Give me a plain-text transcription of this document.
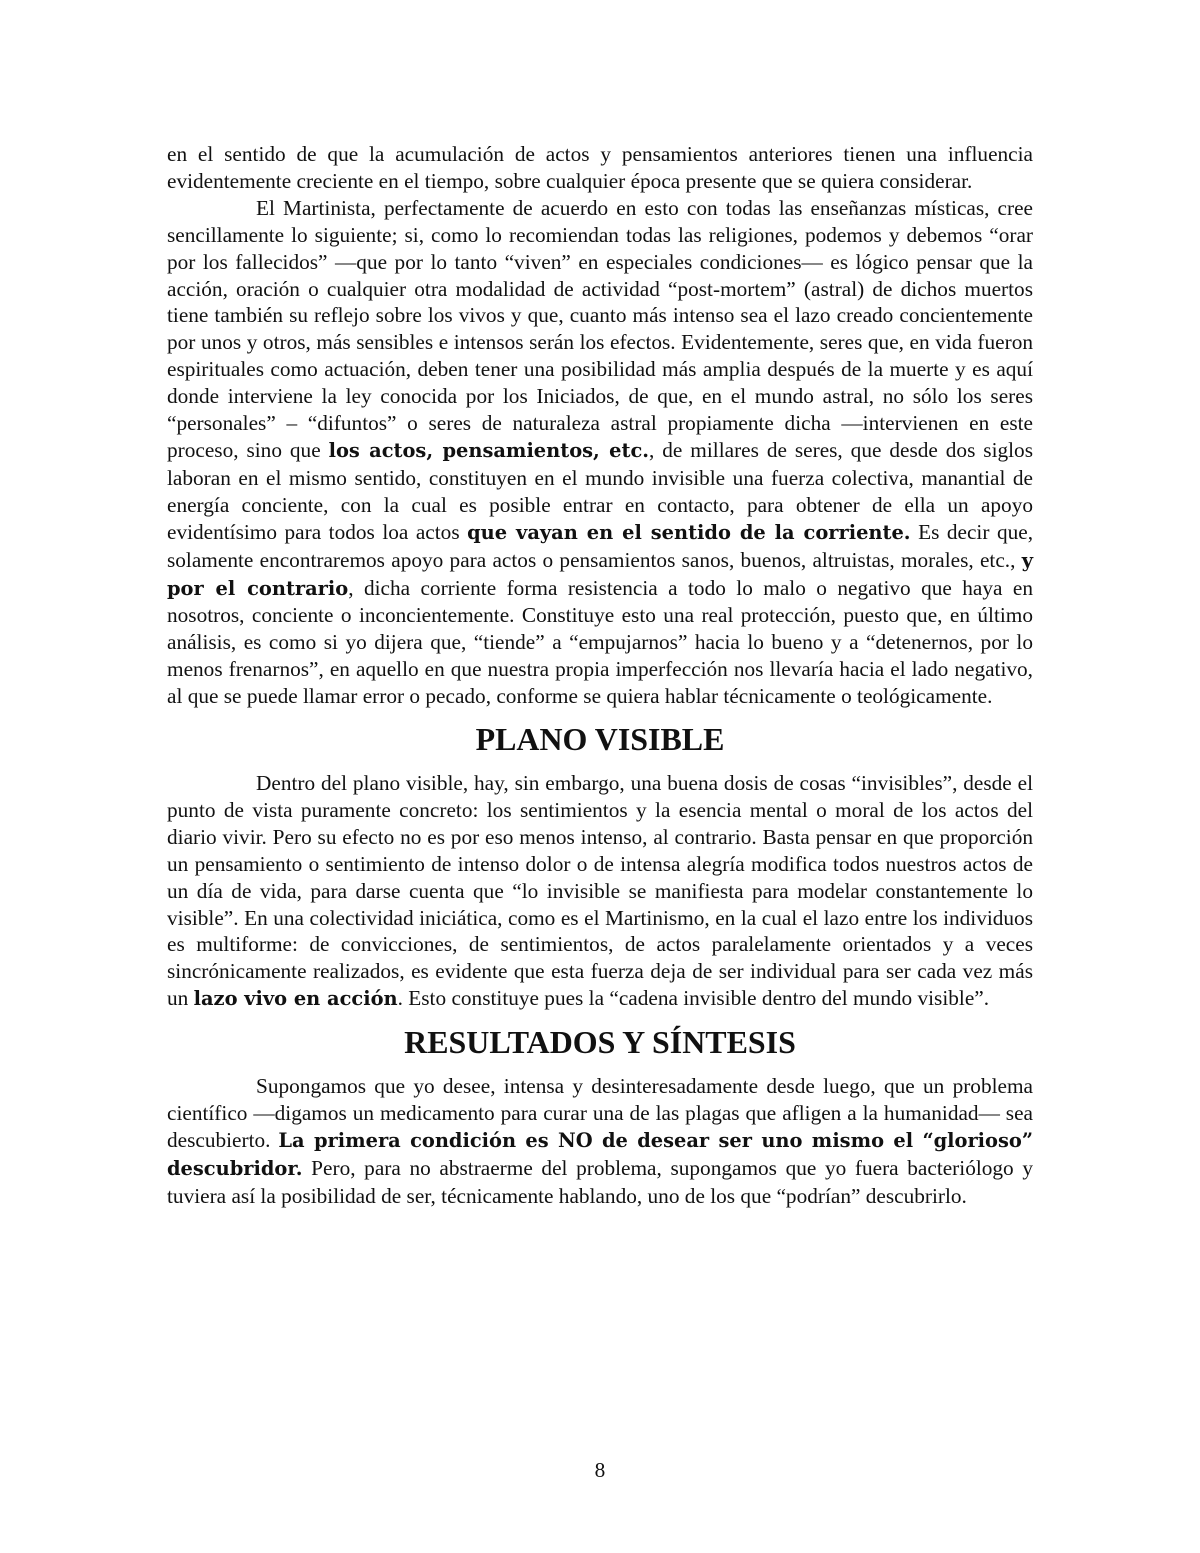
en el sentido de que la acumulación de actos y pensamientos anteriores tienen una influencia evidentemente creciente en el tiempo, sobre cualquier época presente que se quiera considerar.

El Martinista, perfectamente de acuerdo en esto con todas las enseñanzas místicas, cree sencillamente lo siguiente; si, como lo recomiendan todas las religiones, podemos y debemos “orar por los fallecidos” —que por lo tanto “viven” en especiales condiciones— es lógico pensar que la acción, oración o cualquier otra modalidad de actividad “post-mortem” (astral) de dichos muertos tiene también su reflejo sobre los vivos y que, cuanto más intenso sea el lazo creado concientemente por unos y otros, más sensibles e intensos serán los efectos. Evidentemente, seres que, en vida fueron espirituales como actuación, deben tener una posibilidad más amplia después de la muerte y es aquí donde interviene la ley conocida por los Iniciados, de que, en el mundo astral, no sólo los seres “personales” – “difuntos” o seres de naturaleza astral propiamente dicha —intervienen en este proceso, sino que los actos, pensamientos, etc., de millares de seres, que desde dos siglos laboran en el mismo sentido, constituyen en el mundo invisible una fuerza colectiva, manantial de energía conciente, con la cual es posible entrar en contacto, para obtener de ella un apoyo evidentísimo para todos loa actos que vayan en el sentido de la corriente. Es decir que, solamente encontraremos apoyo para actos o pensamientos sanos, buenos, altruistas, morales, etc., y por el contrario, dicha corriente forma resistencia a todo lo malo o negativo que haya en nosotros, conciente o inconcientemente. Constituye esto una real protección, puesto que, en último análisis, es como si yo dijera que, “tiende” a “empujarnos” hacia lo bueno y a “detenernos, por lo menos frenarnos”, en aquello en que nuestra propia imperfección nos llevaría hacia el lado negativo, al que se puede llamar error o pecado, conforme se quiera hablar técnicamente o teológicamente.

PLANO VISIBLE

Dentro del plano visible, hay, sin embargo, una buena dosis de cosas “invisibles”, desde el punto de vista puramente concreto: los sentimientos y la esencia mental o moral de los actos del diario vivir. Pero su efecto no es por eso menos intenso, al contrario. Basta pensar en que proporción un pensamiento o sentimiento de intenso dolor o de intensa alegría modifica todos nuestros actos de un día de vida, para darse cuenta que “lo invisible se manifiesta para modelar constantemente lo visible”. En una colectividad iniciática, como es el Martinismo, en la cual el lazo entre los individuos es multiforme: de convicciones, de sentimientos, de actos paralelamente orientados y a veces sincrónicamente realizados, es evidente que esta fuerza deja de ser individual para ser cada vez más un lazo vivo en acción. Esto constituye pues la “cadena invisible dentro del mundo visible”.

RESULTADOS Y SÍNTESIS

Supongamos que yo desee, intensa y desinteresadamente desde luego, que un problema científico —digamos un medicamento para curar una de las plagas que afligen a la humanidad— sea descubierto. La primera condición es NO de desear ser uno mismo el “glorioso” descubridor. Pero, para no abstraerme del problema, supongamos que yo fuera bacteriólogo y tuviera así la posibilidad de ser, técnicamente hablando, uno de los que “podrían” descubrirlo.

8
